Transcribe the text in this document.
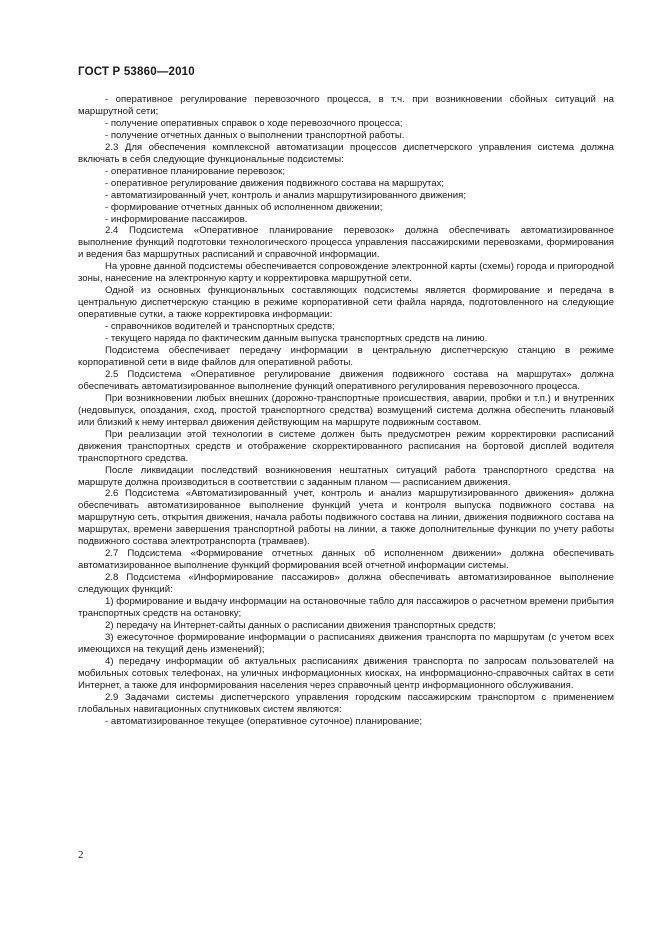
ГОСТ Р 53860—2010

- оперативное регулирование перевозочного процесса, в т.ч. при возникновении сбойных ситуаций на маршрутной сети;

- получение оперативных справок о ходе перевозочного процесса;

- получение отчетных данных о выполнении транспортной работы.

2.3 Для обеспечения комплексной автоматизации процессов диспетчерского управления система должна включать в себя следующие функциональные подсистемы:

- оперативное планирование перевозок;

- оперативное регулирование движения подвижного состава на маршрутах;

- автоматизированный учет, контроль и анализ маршрутизированного движения;

- формирование отчетных данных об исполненном движении;

- информирование пассажиров.

2.4 Подсистема «Оперативное планирование перевозок» должна обеспечивать автоматизированное выполнение функций подготовки технологического процесса управления пассажирскими перевозками, формирования и ведения баз маршрутных расписаний и справочной информации.

На уровне данной подсистемы обеспечивается сопровождение электронной карты (схемы) города и пригородной зоны, нанесение на электронную карту и корректировка маршрутной сети.

Одной из основных функциональных составляющих подсистемы является формирование и передача в центральную диспетчерскую станцию в режиме корпоративной сети файла наряда, подготовленного на следующие оперативные сутки, а также корректировка информации:

- справочников водителей и транспортных средств;

- текущего наряда по фактическим данным выпуска транспортных средств на линию.

Подсистема обеспечивает передачу информации в центральную диспетчерскую станцию в режиме корпоративной сети в виде файлов для оперативной работы.

2.5 Подсистема «Оперативное регулирование движения подвижного состава на маршрутах» должна обеспечивать автоматизированное выполнение функций оперативного регулирования перевозочного процесса.

При возникновении любых внешних (дорожно-транспортные происшествия, аварии, пробки и т.п.) и внутренних (недовыпуск, опоздания, сход, простой транспортного средства) возмущений система должна обеспечить плановый или близкий к нему интервал движения действующим на маршруте подвижным составом.

При реализации этой технологии в системе должен быть предусмотрен режим корректировки расписаний движения транспортных средств и отображение скорректированного расписания на бортовой дисплей водителя транспортного средства.

После ликвидации последствий возникновения нештатных ситуаций работа транспортного средства на маршруте должна производиться в соответствии с заданным планом — расписанием движения.

2.6 Подсистема «Автоматизированный учет, контроль и анализ маршрутизированного движения» должна обеспечивать автоматизированное выполнение функций учета и контроля выпуска подвижного состава на маршрутную сеть, открытия движения, начала работы подвижного состава на линии, движения подвижного состава на маршрутах, времени завершения транспортной работы на линии, а также дополнительные функции по учету работы подвижного состава электротранспорта (трамваев).

2.7 Подсистема «Формирование отчетных данных об исполненном движении» должна обеспечивать автоматизированное выполнение функций формирования всей отчетной информации системы.

2.8 Подсистема «Информирование пассажиров» должна обеспечивать автоматизированное выполнение следующих функций:

1) формирование и выдачу информации на остановочные табло для пассажиров о расчетном времени прибытия транспортных средств на остановку;

2) передачу на Интернет-сайты данных о расписании движения транспортных средств;

3) ежесуточное формирование информации о расписаниях движения транспорта по маршрутам (с учетом всех имеющихся на текущий день изменений);

4) передачу информации об актуальных расписаниях движения транспорта по запросам пользователей на мобильных сотовых телефонах, на уличных информационных киосках, на информационно-справочных сайтах в сети Интернет, а также для информирования населения через справочный центр информационного обслуживания.

2.9 Задачами системы диспетчерского управления городским пассажирским транспортом с применением глобальных навигационных спутниковых систем являются:

- автоматизированное текущее (оперативное суточное) планирование;

2
